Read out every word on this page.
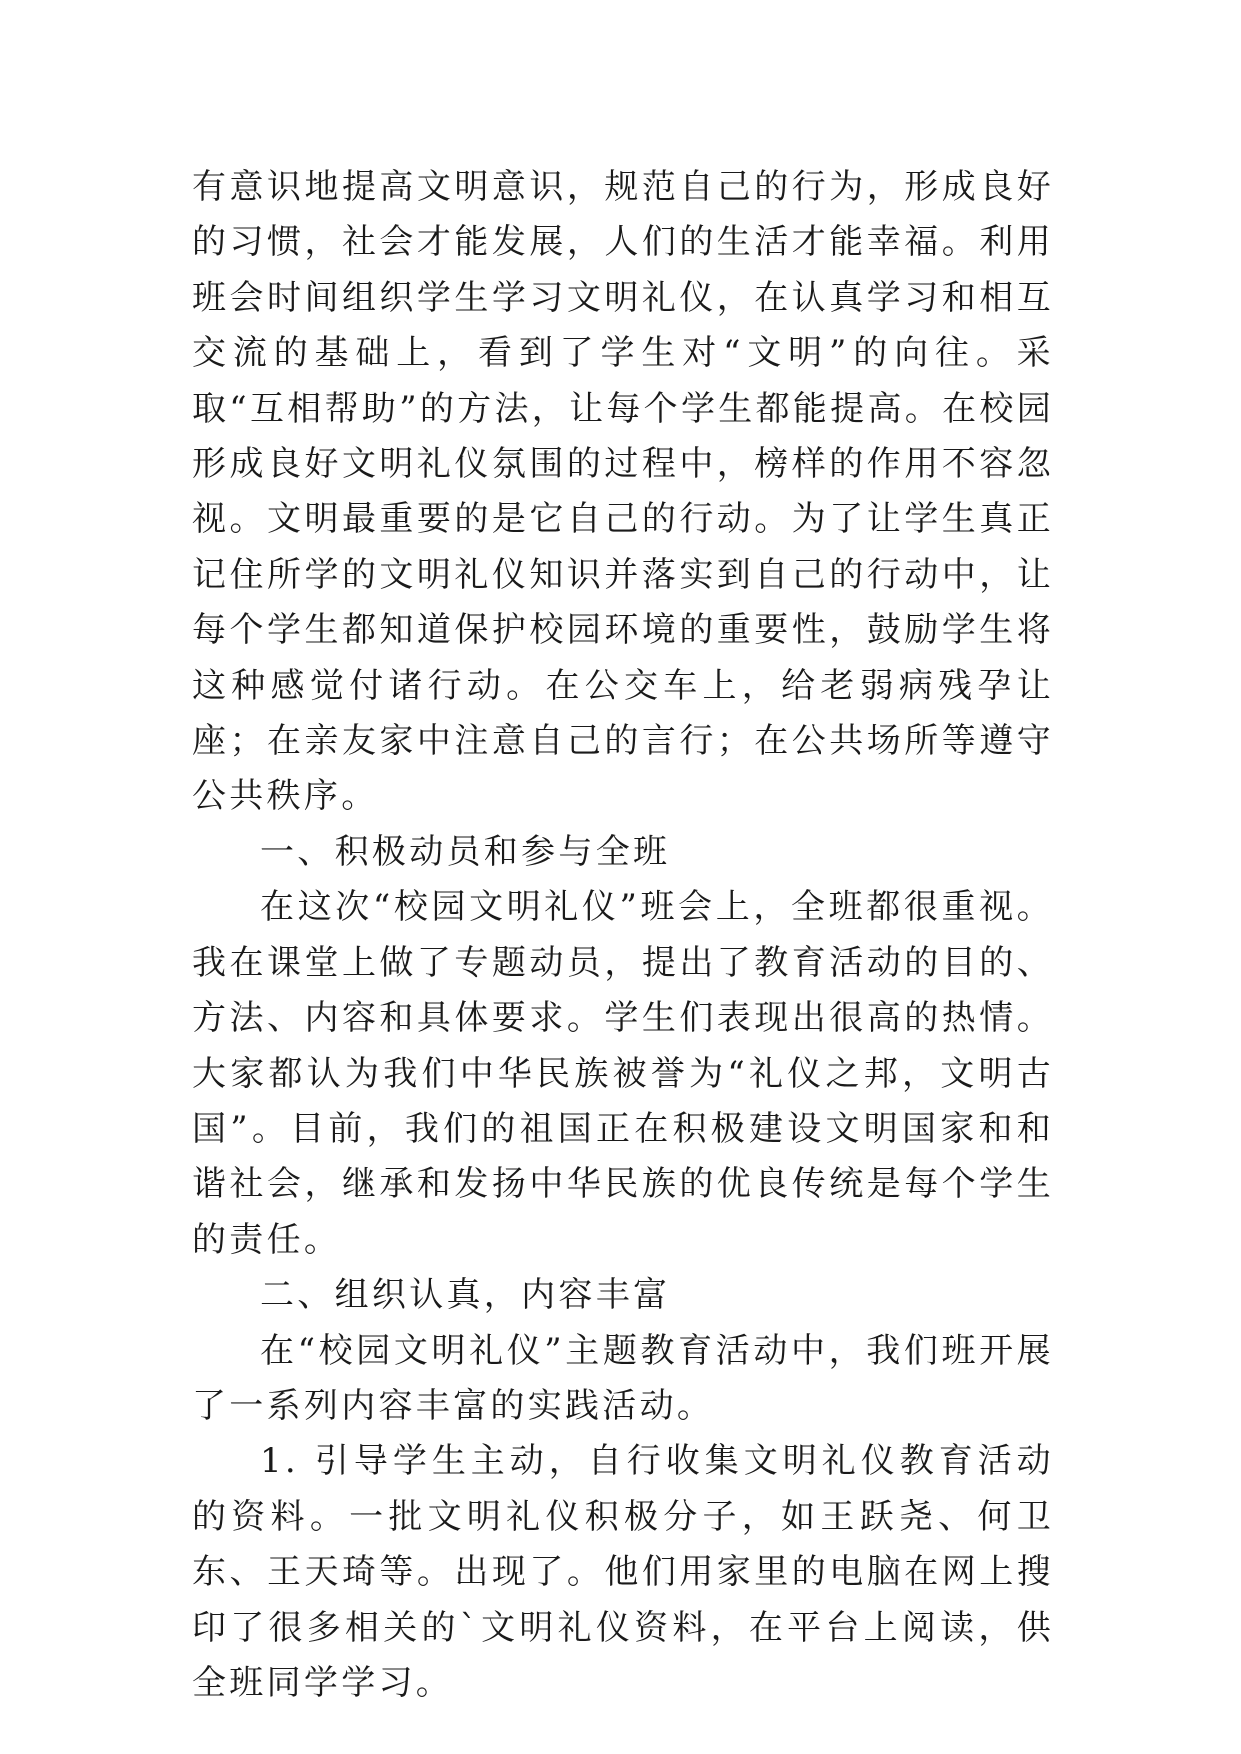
有意识地提高文明意识，规范自己的行为，形成良好的习惯，社会才能发展，人们的生活才能幸福。利用班会时间组织学生学习文明礼仪，在认真学习和相互交流的基础上，看到了学生对“文明”的向往。采取“互相帮助”的方法，让每个学生都能提高。在校园形成良好文明礼仪氛围的过程中，榜样的作用不容忽视。文明最重要的是它自己的行动。为了让学生真正记住所学的文明礼仪知识并落实到自己的行动中，让每个学生都知道保护校园环境的重要性，鼓励学生将这种感觉付诸行动。在公交车上，给老弱病残孕让座；在亲友家中注意自己的言行；在公共场所等遵守公共秩序。

一、积极动员和参与全班

在这次“校园文明礼仪”班会上，全班都很重视。我在课堂上做了专题动员，提出了教育活动的目的、方法、内容和具体要求。学生们表现出很高的热情。大家都认为我们中华民族被誉为“礼仪之邦，文明古国”。目前，我们的祖国正在积极建设文明国家和和谐社会，继承和发扬中华民族的优良传统是每个学生的责任。

二、组织认真，内容丰富

在“校园文明礼仪”主题教育活动中，我们班开展了一系列内容丰富的实践活动。

1. 引导学生主动，自行收集文明礼仪教育活动的资料。一批文明礼仪积极分子，如王跃尧、何卫东、王天琦等。出现了。他们用家里的电脑在网上搜印了很多相关的`文明礼仪资料，在平台上阅读，供全班同学学习。
